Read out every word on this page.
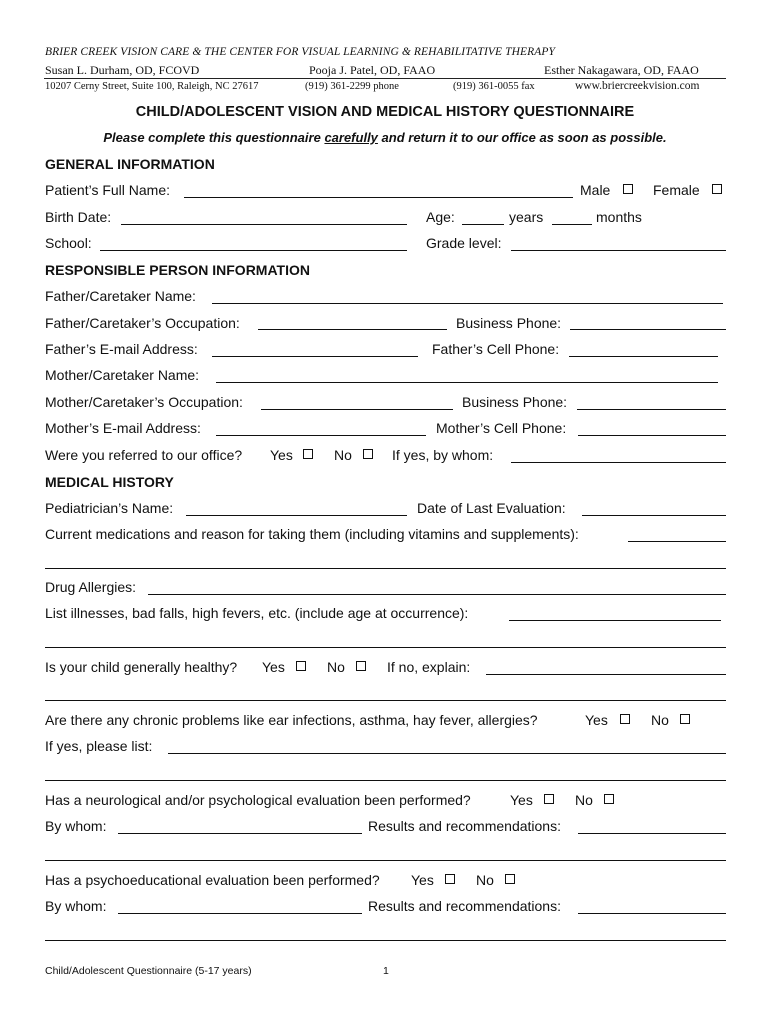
BRIER CREEK VISION CARE & THE CENTER FOR VISUAL LEARNING & REHABILITATIVE THERAPY
Susan L. Durham, OD, FCOVD	Pooja J. Patel, OD, FAAO	Esther Nakagawara, OD, FAAO
10207 Cerny Street, Suite 100, Raleigh, NC 27617	(919) 361-2299 phone	(919) 361-0055 fax	www.briercreekvision.com
CHILD/ADOLESCENT VISION AND MEDICAL HISTORY QUESTIONNAIRE
Please complete this questionnaire carefully and return it to our office as soon as possible.
GENERAL INFORMATION
Patient’s Full Name:	Male	Female
Birth Date:	Age:	years	months
School:	Grade level:
RESPONSIBLE PERSON INFORMATION
Father/Caretaker Name:
Father/Caretaker’s Occupation:	Business Phone:
Father’s E-mail Address:	Father’s Cell Phone:
Mother/Caretaker Name:
Mother/Caretaker’s Occupation:	Business Phone:
Mother’s E-mail Address:	Mother’s Cell Phone:
Were you referred to our office? Yes	No	If yes, by whom:
MEDICAL HISTORY
Pediatrician’s Name:	Date of Last Evaluation:
Current medications and reason for taking them (including vitamins and supplements):
Drug Allergies:
List illnesses, bad falls, high fevers, etc. (include age at occurrence):
Is your child generally healthy? Yes	No	If no, explain:
Are there any chronic problems like ear infections, asthma, hay fever, allergies?	Yes	No
If yes, please list:
Has a neurological and/or psychological evaluation been performed?	Yes	No
By whom:	Results and recommendations:
Has a psychoeducational evaluation been performed? Yes	No
By whom:	Results and recommendations:
Child/Adolescent Questionnaire (5-17 years)	1
